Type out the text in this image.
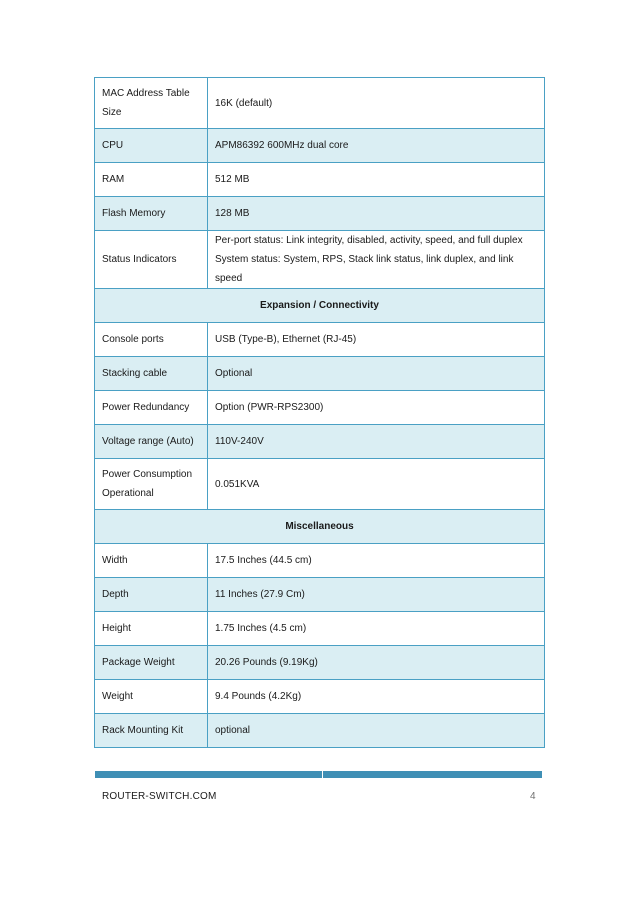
MAC Address Table Size	16K (default)
CPU	APM86392 600MHz dual core
RAM	512 MB
Flash Memory	128 MB
Status Indicators	Per-port status: Link integrity, disabled, activity, speed, and full duplex
System status: System, RPS, Stack link status, link duplex, and link speed

Expansion / Connectivity	
Console ports	USB (Type-B), Ethernet (RJ-45)
Stacking cable	Optional
Power Redundancy	Option (PWR-RPS2300)
Voltage range (Auto)	110V-240V
Power Consumption Operational	0.051KVA
Miscellaneous	
Width	17.5 Inches (44.5 cm)
Depth	11 Inches (27.9 Cm)
Height	1.75 Inches (4.5 cm)
Package Weight	20.26 Pounds (9.19Kg)
Weight	9.4 Pounds (4.2Kg)
Rack Mounting Kit	optional
ROUTER-SWITCH.COM	4
